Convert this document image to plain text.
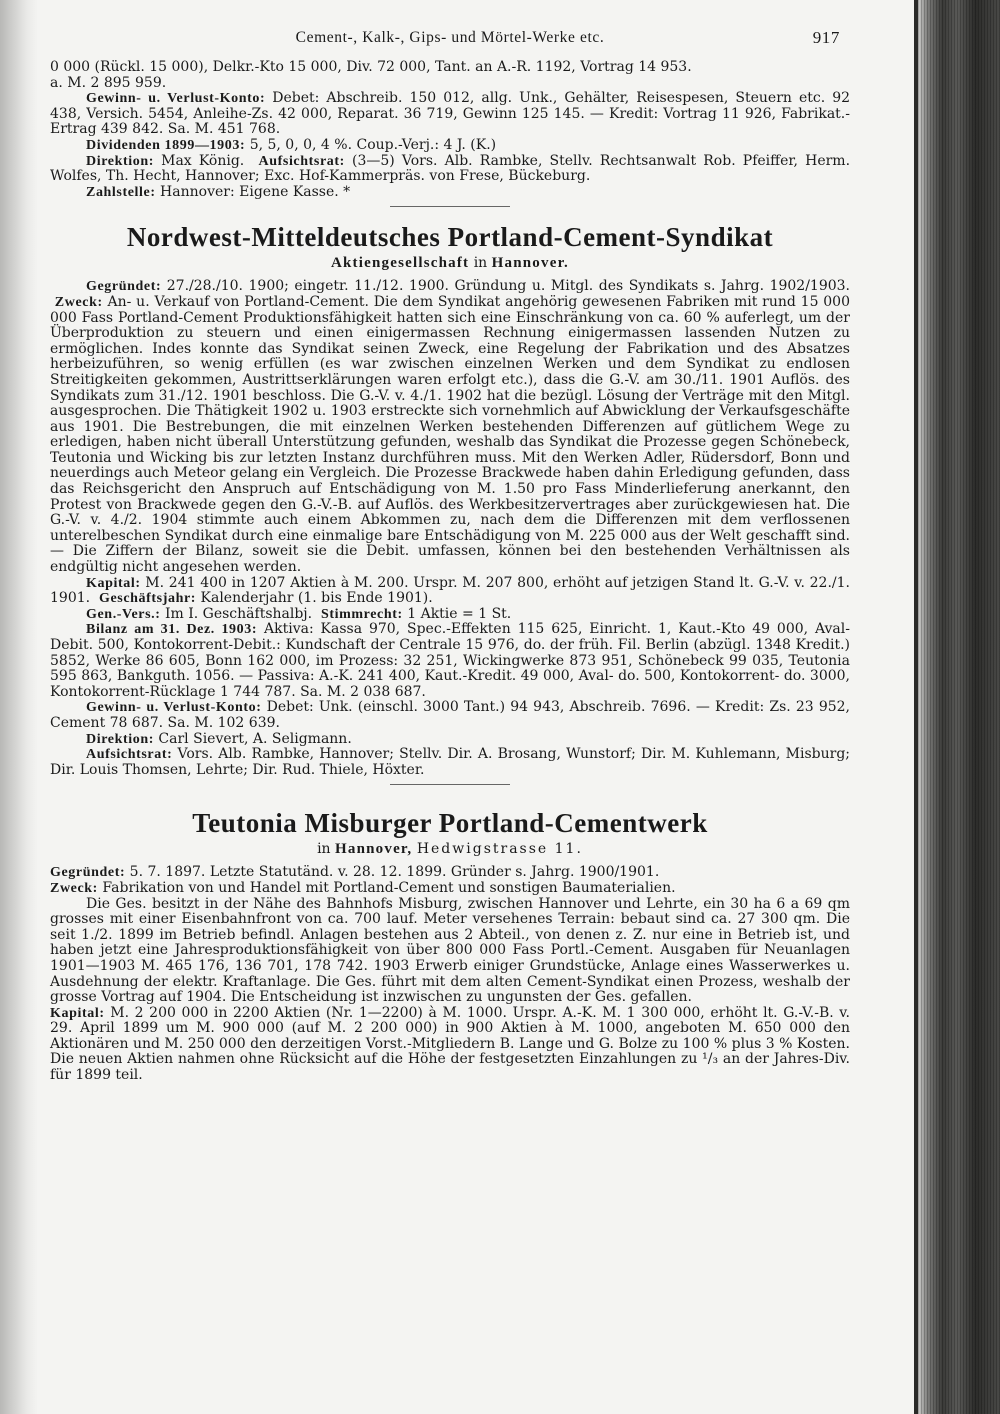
Cement-, Kalk-, Gips- und Mörtel-Werke etc.	917

0 000 (Rückl. 15 000), Delkr.-Kto 15 000, Div. 72 000, Tant. an A.-R. 1192, Vortrag 14 953.

a. M. 2 895 959.

Gewinn- u. Verlust-Konto: Debet: Abschreib. 150 012, allg. Unk., Gehälter, Reisespesen, Steuern etc. 92 438, Versich. 5454, Anleihe-Zs. 42 000, Reparat. 36 719, Gewinn 125 145. — Kredit: Vortrag 11 926, Fabrikat.-Ertrag 439 842. Sa. M. 451 768.

Dividenden 1899—1903: 5, 5, 0, 0, 4 %. Coup.-Verj.: 4 J. (K.)

Direktion: Max König. Aufsichtsrat: (3—5) Vors. Alb. Rambke, Stellv. Rechtsanwalt Rob. Pfeiffer, Herm. Wolfes, Th. Hecht, Hannover; Exc. Hof-Kammerpräs. von Frese, Bückeburg.

Zahlstelle: Hannover: Eigene Kasse. *

Nordwest-Mitteldeutsches Portland-Cement-Syndikat
Aktiengesellschaft in Hannover.

Gegründet: 27./28./10. 1900; eingetr. 11./12. 1900. Gründung u. Mitgl. des Syndikats s. Jahrg. 1902/1903.  Zweck: An- u. Verkauf von Portland-Cement. Die dem Syndikat angehörig gewesenen Fabriken mit rund 15 000 000 Fass Portland-Cement Produktionsfähigkeit hatten sich eine Einschränkung von ca. 60 % auferlegt, um der Überproduktion zu steuern und einen einigermassen Rechnung einigermassen lassenden Nutzen zu ermöglichen. Indes konnte das Syndikat seinen Zweck, eine Regelung der Fabrikation und des Absatzes herbeizuführen, so wenig erfüllen (es war zwischen einzelnen Werken und dem Syndikat zu endlosen Streitigkeiten gekommen, Austrittserklärungen waren erfolgt etc.), dass die G.-V. am 30./11. 1901 Auflös. des Syndikats zum 31./12. 1901 beschloss. Die G.-V. v. 4./1. 1902 hat die bezügl. Lösung der Verträge mit den Mitgl. ausgesprochen. Die Thätigkeit 1902 u. 1903 erstreckte sich vornehmlich auf Abwicklung der Verkaufsgeschäfte aus 1901. Die Bestrebungen, die mit einzelnen Werken bestehenden Differenzen auf gütlichem Wege zu erledigen, haben nicht überall Unterstützung gefunden, weshalb das Syndikat die Prozesse gegen Schönebeck, Teutonia und Wicking bis zur letzten Instanz durchführen muss. Mit den Werken Adler, Rüdersdorf, Bonn und neuerdings auch Meteor gelang ein Vergleich. Die Prozesse Brackwede haben dahin Erledigung gefunden, dass das Reichsgericht den Anspruch auf Entschädigung von M. 1.50 pro Fass Minderlieferung anerkannt, den Protest von Brackwede gegen den G.-V.-B. auf Auflös. des Werkbesitzervertrages aber zurückgewiesen hat. Die G.-V. v. 4./2. 1904 stimmte auch einem Abkommen zu, nach dem die Differenzen mit dem verflossenen unterelbeschen Syndikat durch eine einmalige bare Entschädigung von M. 225 000 aus der Welt geschafft sind. — Die Ziffern der Bilanz, soweit sie die Debit. umfassen, können bei den bestehenden Verhältnissen als endgültig nicht angesehen werden.

Kapital: M. 241 400 in 1207 Aktien à M. 200. Urspr. M. 207 800, erhöht auf jetzigen Stand lt. G.-V. v. 22./1. 1901. Geschäftsjahr: Kalenderjahr (1. bis Ende 1901).

Gen.-Vers.: Im I. Geschäftshalbj. Stimmrecht: 1 Aktie = 1 St.

Bilanz am 31. Dez. 1903: Aktiva: Kassa 970, Spec.-Effekten 115 625, Einricht. 1, Kaut.-Kto 49 000, Aval-Debit. 500, Kontokorrent-Debit.: Kundschaft der Centrale 15 976, do. der früh. Fil. Berlin (abzügl. 1348 Kredit.) 5852, Werke 86 605, Bonn 162 000, im Prozess: 32 251, Wickingwerke 873 951, Schönebeck 99 035, Teutonia 595 863, Bankguth. 1056. — Passiva: A.-K. 241 400, Kaut.-Kredit. 49 000, Aval- do. 500, Kontokorrent- do. 3000, Kontokorrent-Rücklage 1 744 787. Sa. M. 2 038 687.

Gewinn- u. Verlust-Konto: Debet: Unk. (einschl. 3000 Tant.) 94 943, Abschreib. 7696. — Kredit: Zs. 23 952, Cement 78 687. Sa. M. 102 639.

Direktion: Carl Sievert, A. Seligmann.

Aufsichtsrat: Vors. Alb. Rambke, Hannover; Stellv. Dir. A. Brosang, Wunstorf; Dir. M. Kuhlemann, Misburg; Dir. Louis Thomsen, Lehrte; Dir. Rud. Thiele, Höxter.

Teutonia Misburger Portland-Cementwerk
in Hannover, Hedwigstrasse 11.

Gegründet: 5. 7. 1897. Letzte Statutänd. v. 28. 12. 1899. Gründer s. Jahrg. 1900/1901.

Zweck: Fabrikation von und Handel mit Portland-Cement und sonstigen Baumaterialien.

Die Ges. besitzt in der Nähe des Bahnhofs Misburg, zwischen Hannover und Lehrte, ein 30 ha 6 a 69 qm grosses mit einer Eisenbahnfront von ca. 700 lauf. Meter versehenes Terrain: bebaut sind ca. 27 300 qm. Die seit 1./2. 1899 im Betrieb befindl. Anlagen bestehen aus 2 Abteil., von denen z. Z. nur eine in Betrieb ist, und haben jetzt eine Jahresproduktionsfähigkeit von über 800 000 Fass Portl.-Cement. Ausgaben für Neuanlagen 1901—1903 M. 465 176, 136 701, 178 742. 1903 Erwerb einiger Grundstücke, Anlage eines Wasserwerkes u. Ausdehnung der elektr. Kraftanlage. Die Ges. führt mit dem alten Cement-Syndikat einen Prozess, weshalb der grosse Vortrag auf 1904. Die Entscheidung ist inzwischen zu ungunsten der Ges. gefallen.

Kapital: M. 2 200 000 in 2200 Aktien (Nr. 1—2200) à M. 1000. Urspr. A.-K. M. 1 300 000, erhöht lt. G.-V.-B. v. 29. April 1899 um M. 900 000 (auf M. 2 200 000) in 900 Aktien à M. 1000, angeboten M. 650 000 den Aktionären und M. 250 000 den derzeitigen Vorst.-Mitgliedern B. Lange und G. Bolze zu 100 % plus 3 % Kosten. Die neuen Aktien nahmen ohne Rücksicht auf die Höhe der festgesetzten Einzahlungen zu ¹/₃ an der Jahres-Div. für 1899 teil.
